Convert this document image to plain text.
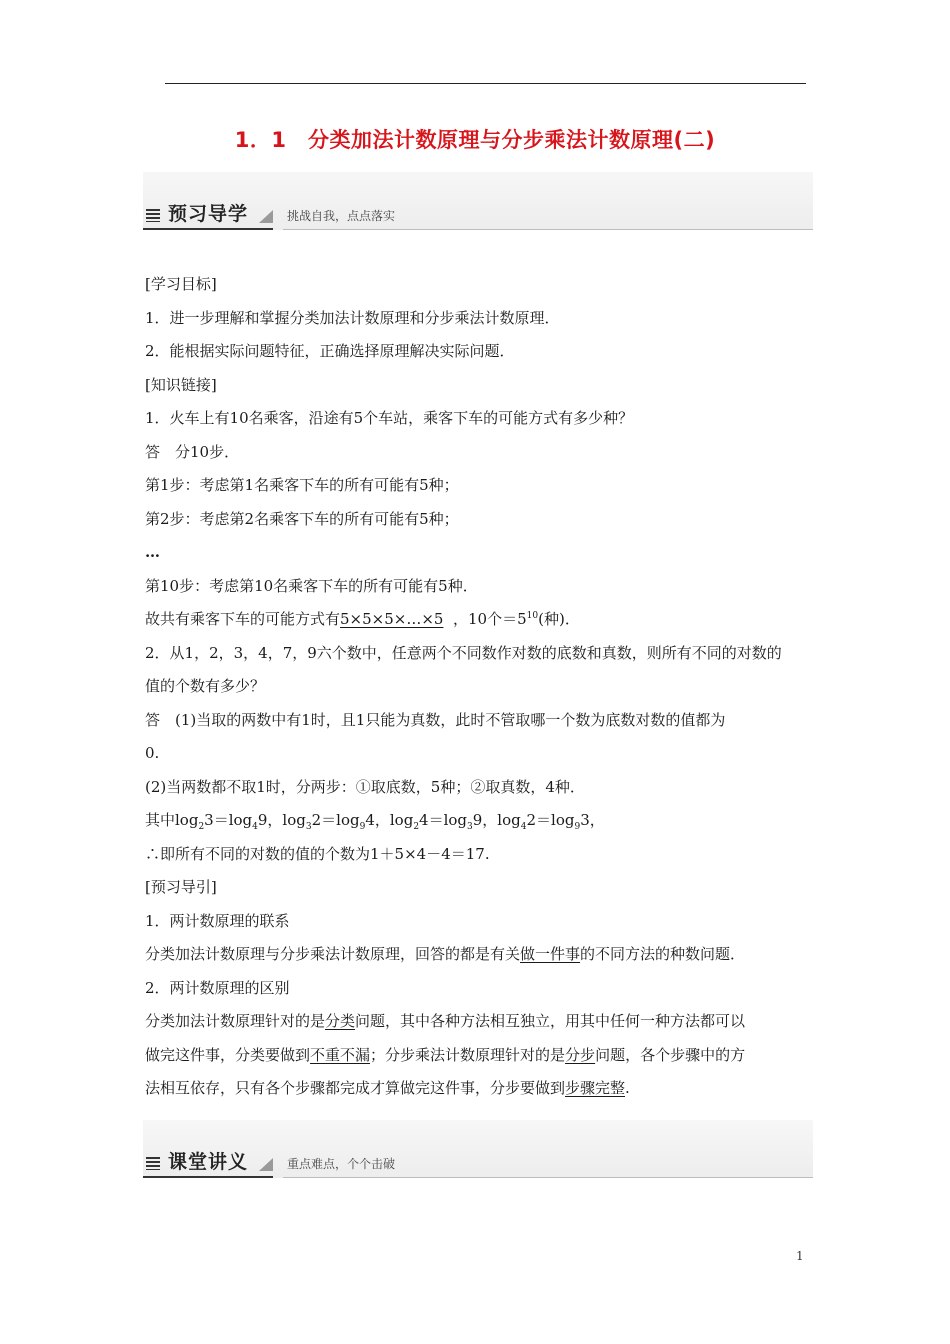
1．1　分类加法计数原理与分步乘法计数原理(二)
预习导学	挑战自我，点点落实

[学习目标]

1．进一步理解和掌握分类加法计数原理和分步乘法计数原理．

2．能根据实际问题特征，正确选择原理解决实际问题．

[知识链接]

1．火车上有10名乘客，沿途有5个车站，乘客下车的可能方式有多少种？

答　分10步．

第1步：考虑第1名乘客下车的所有可能有5种；

第2步：考虑第2名乘客下车的所有可能有5种；

…

第10步：考虑第10名乘客下车的所有可能有5种．

故共有乘客下车的可能方式有5×5×5×…×5 ，10个$=5^{10}$(种)．

2．从1，2，3，4，7，9六个数中，任意两个不同数作对数的底数和真数，则所有不同的对数的

值的个数有多少？

答　(1)当取的两数中有1时，且1只能为真数，此时不管取哪一个数为底数对数的值都为

0.

(2)当两数都不取1时，分两步：①取底数，5种；②取真数，4种．

其中$\log_23=\log_49$，$\log_32=\log_94$，$\log_24=\log_39$，$\log_42=\log_93$，

∴即所有不同的对数的值的个数为1＋5×4－4＝17.

[预习导引]

1．两计数原理的联系

分类加法计数原理与分步乘法计数原理，回答的都是有关做一件事的不同方法的种数问题．

2．两计数原理的区别

分类加法计数原理针对的是分类问题，其中各种方法相互独立，用其中任何一种方法都可以

做完这件事，分类要做到不重不漏；分步乘法计数原理针对的是分步问题，各个步骤中的方

法相互依存，只有各个步骤都完成才算做完这件事，分步要做到步骤完整.

课堂讲义	重点难点，个个击破
1
